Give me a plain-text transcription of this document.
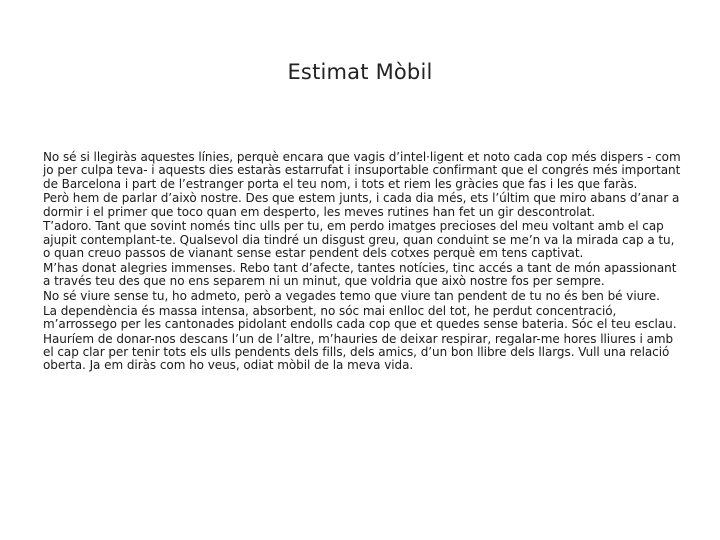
Estimat Mòbil

No sé si llegiràs aquestes línies, perquè encara que vagis d’intel·ligent et noto cada cop més dispers - com jo per culpa teva- i aquests dies estaràs estarrufat i insuportable confirmant que el congrés més important de Barcelona i part de l’estranger porta el teu nom, i tots et riem les gràcies que fas i les que faràs.

Però hem de parlar d’això nostre. Des que estem junts, i cada dia més, ets l’últim que miro abans d’anar a dormir i el primer que toco quan em desperto, les meves rutines han fet un gir descontrolat.

T’adoro. Tant que sovint només tinc ulls per tu, em perdo imatges precioses del meu voltant amb el cap ajupit contemplant-te. Qualsevol dia tindré un disgust greu, quan conduint se me’n va la mirada cap a tu, o quan creuo passos de vianant sense estar pendent dels cotxes perquè em tens captivat.

M’has donat alegries immenses. Rebo tant d’afecte, tantes notícies, tinc accés a tant de món apassionant a través teu des que no ens separem ni un minut, que voldria que això nostre fos per sempre.

No sé viure sense tu, ho admeto, però a vegades temo que viure tan pendent de tu no és ben bé viure.

La dependència és massa intensa, absorbent, no sóc mai enlloc del tot, he perdut concentració, m’arrossego per les cantonades pidolant endolls cada cop que et quedes sense bateria. Sóc el teu esclau.

Hauríem de donar-nos descans l’un de l’altre, m’hauries de deixar respirar, regalar-me hores lliures i amb el cap clar per tenir tots els ulls pendents dels fills, dels amics, d’un bon llibre dels llargs. Vull una relació oberta. Ja em diràs com ho veus, odiat mòbil de la meva vida.
